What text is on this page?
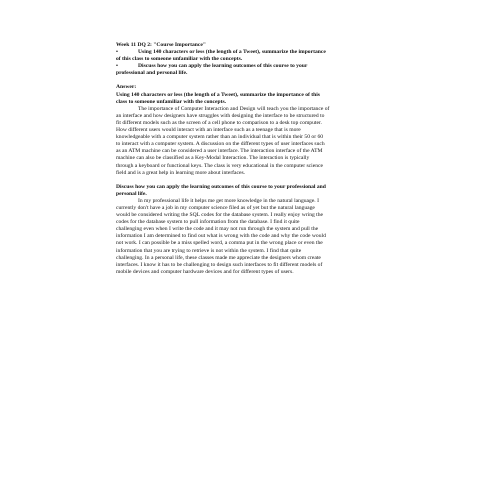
Week 11 DQ 2: "Course Importance"
•	Using 140 characters or less (the length of a Tweet), summarize the importance
of this class to someone unfamiliar with the concepts.
•	Discuss how you can apply the learning outcomes of this course to your
professional and personal life.
Answer:
Using 140 characters or less (the length of a Tweet), summarize the importance of this
class to someone unfamiliar with the concepts.
The importance of Computer Interaction and Design will teach you the importance of
an interface and how designers have struggles with designing the interface to be structured to
fit different models such as the screen of a cell phone to comparison to a desk top computer.
How different users would interact with an interface such as a teenage that is more
knowledgeable with a computer system rather than an individual that is within their 50 or 60
to interact with a computer system. A discussion on the different types of user interfaces such
as an ATM machine can be considered a user interface. The interaction interface of the ATM
machine can also be classified as a Key-Modal Interaction. The interaction is typically
through a keyboard or functional keys. The class is very educational in the computer science
field and is a great help in learning more about interfaces.
Discuss how you can apply the learning outcomes of this course to your professional and
personal life.
In my professional life it helps me get more knowledge in the natural language. I
currently don't have a job in my computer science filed as of yet but the natural language
would be considered writing the SQL codes for the database system. I really enjoy wring the
codes for the database system to pull information from the database. I find it quite
challenging even when I write the code and it may not run through the system and pull the
information I am determined to find out what is wrong with the code and why the code would
not work. I can possible be a miss spelled word, a comma put in the wrong place or even the
information that you are trying to retrieve is not within the system. I find that quite
challenging. In a personal life, these classes made me appreciate the designers whom create
interfaces. I know it has to be challenging to design such interfaces to fit different models of
mobile devices and computer hardware devices and for different types of users.
